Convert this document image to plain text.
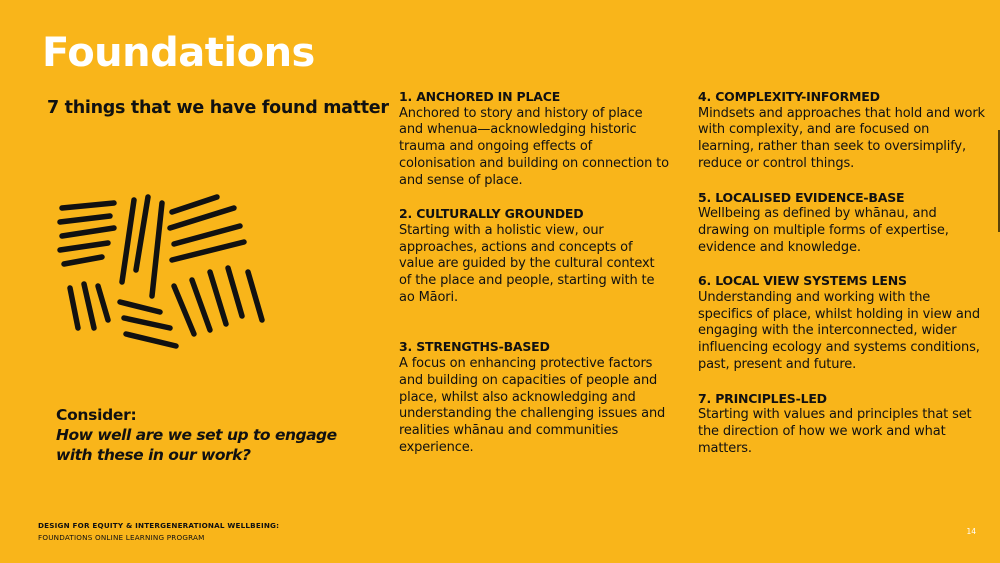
Foundations
7 things that we have found matter
Consider:
How well are we set up to engage with these in our work?
1. ANCHORED IN PLACE
Anchored to story and history of place and whenua—acknowledging historic trauma and ongoing effects of colonisation and building on connection to and sense of place.
2. CULTURALLY GROUNDED
Starting with a holistic view, our approaches, actions and concepts of value are guided by the cultural context of the place and people, starting with te ao Māori.
3. STRENGTHS-BASED
A focus on enhancing protective factors and building on capacities of people and place, whilst also acknowledging and understanding the challenging issues and realities whānau and communities experience.
4. COMPLEXITY-INFORMED
Mindsets and approaches that hold and work with complexity, and are focused on learning, rather than seek to oversimplify, reduce or control things.
5. LOCALISED EVIDENCE-BASE
Wellbeing as defined by whānau, and drawing on multiple forms of expertise, evidence and knowledge.
6. LOCAL VIEW SYSTEMS LENS
Understanding and working with the specifics of place, whilst holding in view and engaging with the interconnected, wider influencing ecology and systems conditions, past, present and future.
7. PRINCIPLES-LED
Starting with values and principles that set the direction of how we work and what matters.
DESIGN FOR EQUITY & INTERGENERATIONAL WELLBEING:
FOUNDATIONS ONLINE LEARNING PROGRAM
14
